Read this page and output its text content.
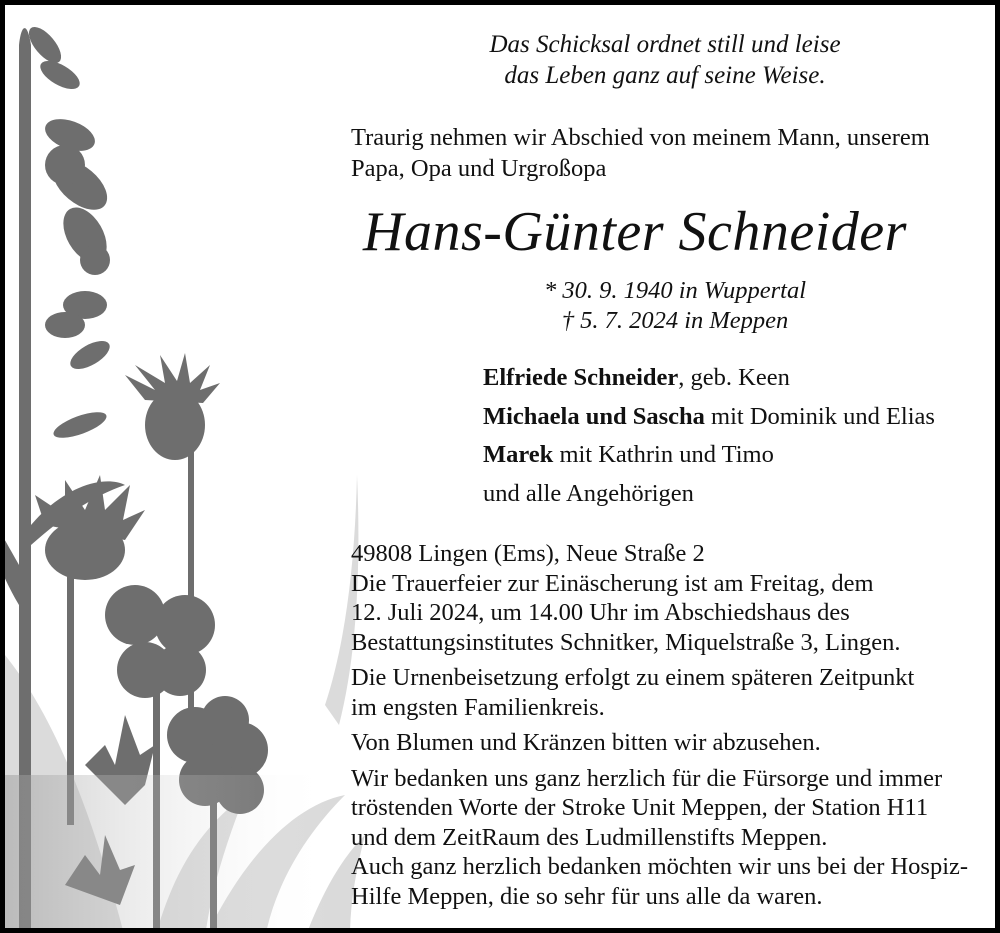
Das Schicksal ordnet still und leise
das Leben ganz auf seine Weise.
Traurig nehmen wir Abschied von meinem Mann, unserem
Papa, Opa und Urgroßopa
Hans-Günter Schneider
* 30. 9. 1940 in Wuppertal
† 5. 7. 2024 in Meppen
Elfriede Schneider, geb. Keen
Michaela und Sascha mit Dominik und Elias
Marek mit Kathrin und Timo
und alle Angehörigen

49808 Lingen (Ems), Neue Straße 2

Die Trauerfeier zur Einäscherung ist am Freitag, dem
12. Juli 2024, um 14.00 Uhr im Abschiedshaus des
Bestattungsinstitutes Schnitker, Miquelstraße 3, Lingen.

Die Urnenbeisetzung erfolgt zu einem späteren Zeitpunkt
im engsten Familienkreis.

Von Blumen und Kränzen bitten wir abzusehen.

Wir bedanken uns ganz herzlich für die Fürsorge und immer
tröstenden Worte der Stroke Unit Meppen, der Station H11
und dem ZeitRaum des Ludmillenstifts Meppen.

Auch ganz herzlich bedanken möchten wir uns bei der Hospiz-
Hilfe Meppen, die so sehr für uns alle da waren.
